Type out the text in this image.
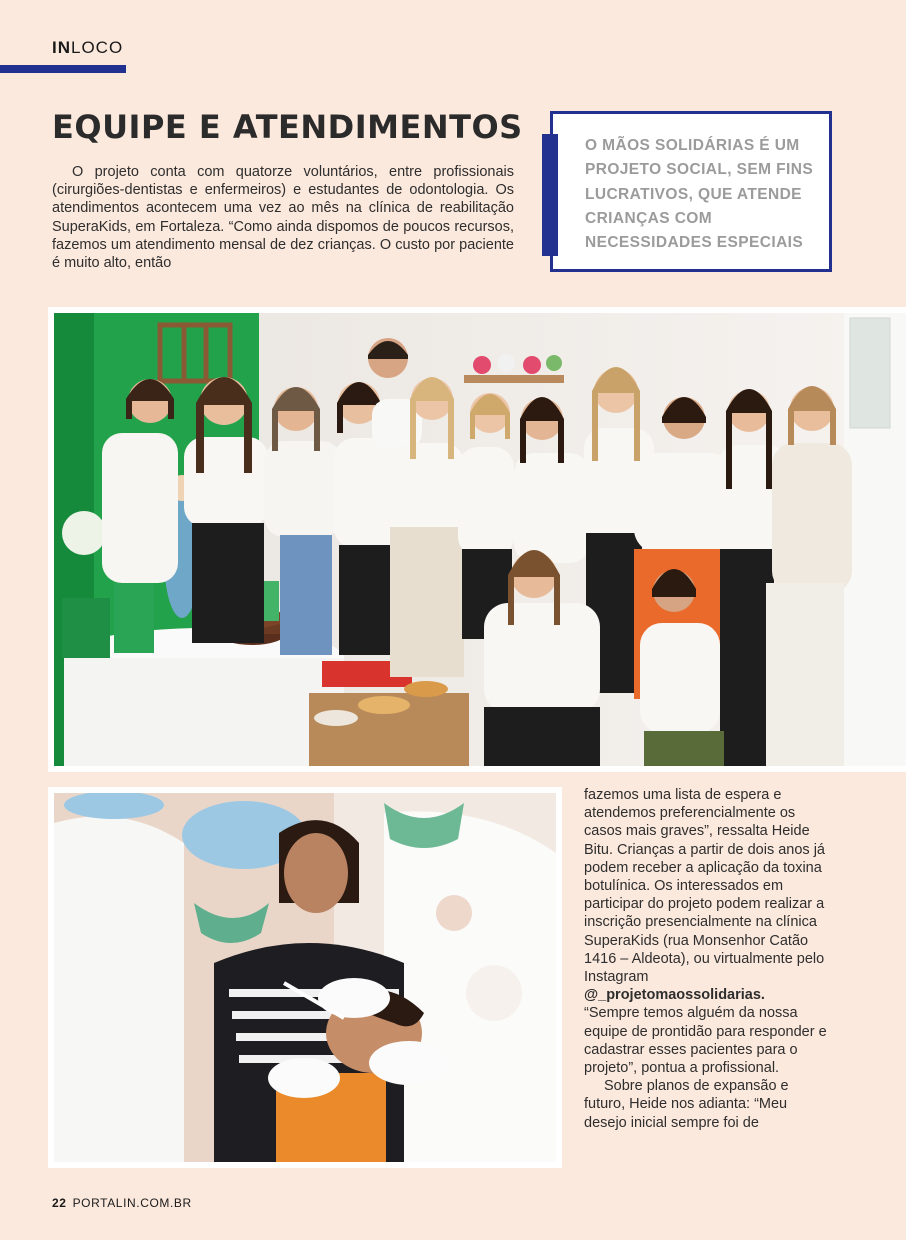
INLOCO
EQUIPE E ATENDIMENTOS

O projeto conta com quatorze voluntários, entre profissionais (cirurgiões-dentistas e enfermeiros) e estudantes de odontologia. Os atendimentos acontecem uma vez ao mês na clínica de reabilitação SuperaKids, em Fortaleza. “Como ainda dispomos de poucos recursos, fazemos um atendimento mensal de dez crianças. O custo por paciente é muito alto, então

O MÃOS SOLIDÁRIAS É UM PROJETO SOCIAL, SEM FINS LUCRATIVOS, QUE ATENDE CRIANÇAS COM NECESSIDADES ESPECIAIS

fazemos uma lista de espera e atendemos preferencialmente os casos mais graves”, ressalta Heide Bitu. Crianças a partir de dois anos já podem receber a aplicação da toxina botulínica. Os interessados em participar do projeto podem realizar a inscrição presencialmente na clínica SuperaKids (rua Monsenhor Catão 1416 – Aldeota), ou virtualmente pelo Instagram

@_projetomaossolidarias.

“Sempre temos alguém da nossa equipe de prontidão para responder e cadastrar esses pacientes para o projeto”, pontua a profissional.

Sobre planos de expansão e futuro, Heide nos adianta: “Meu desejo inicial sempre foi de

22 PORTALIN.COM.BR
